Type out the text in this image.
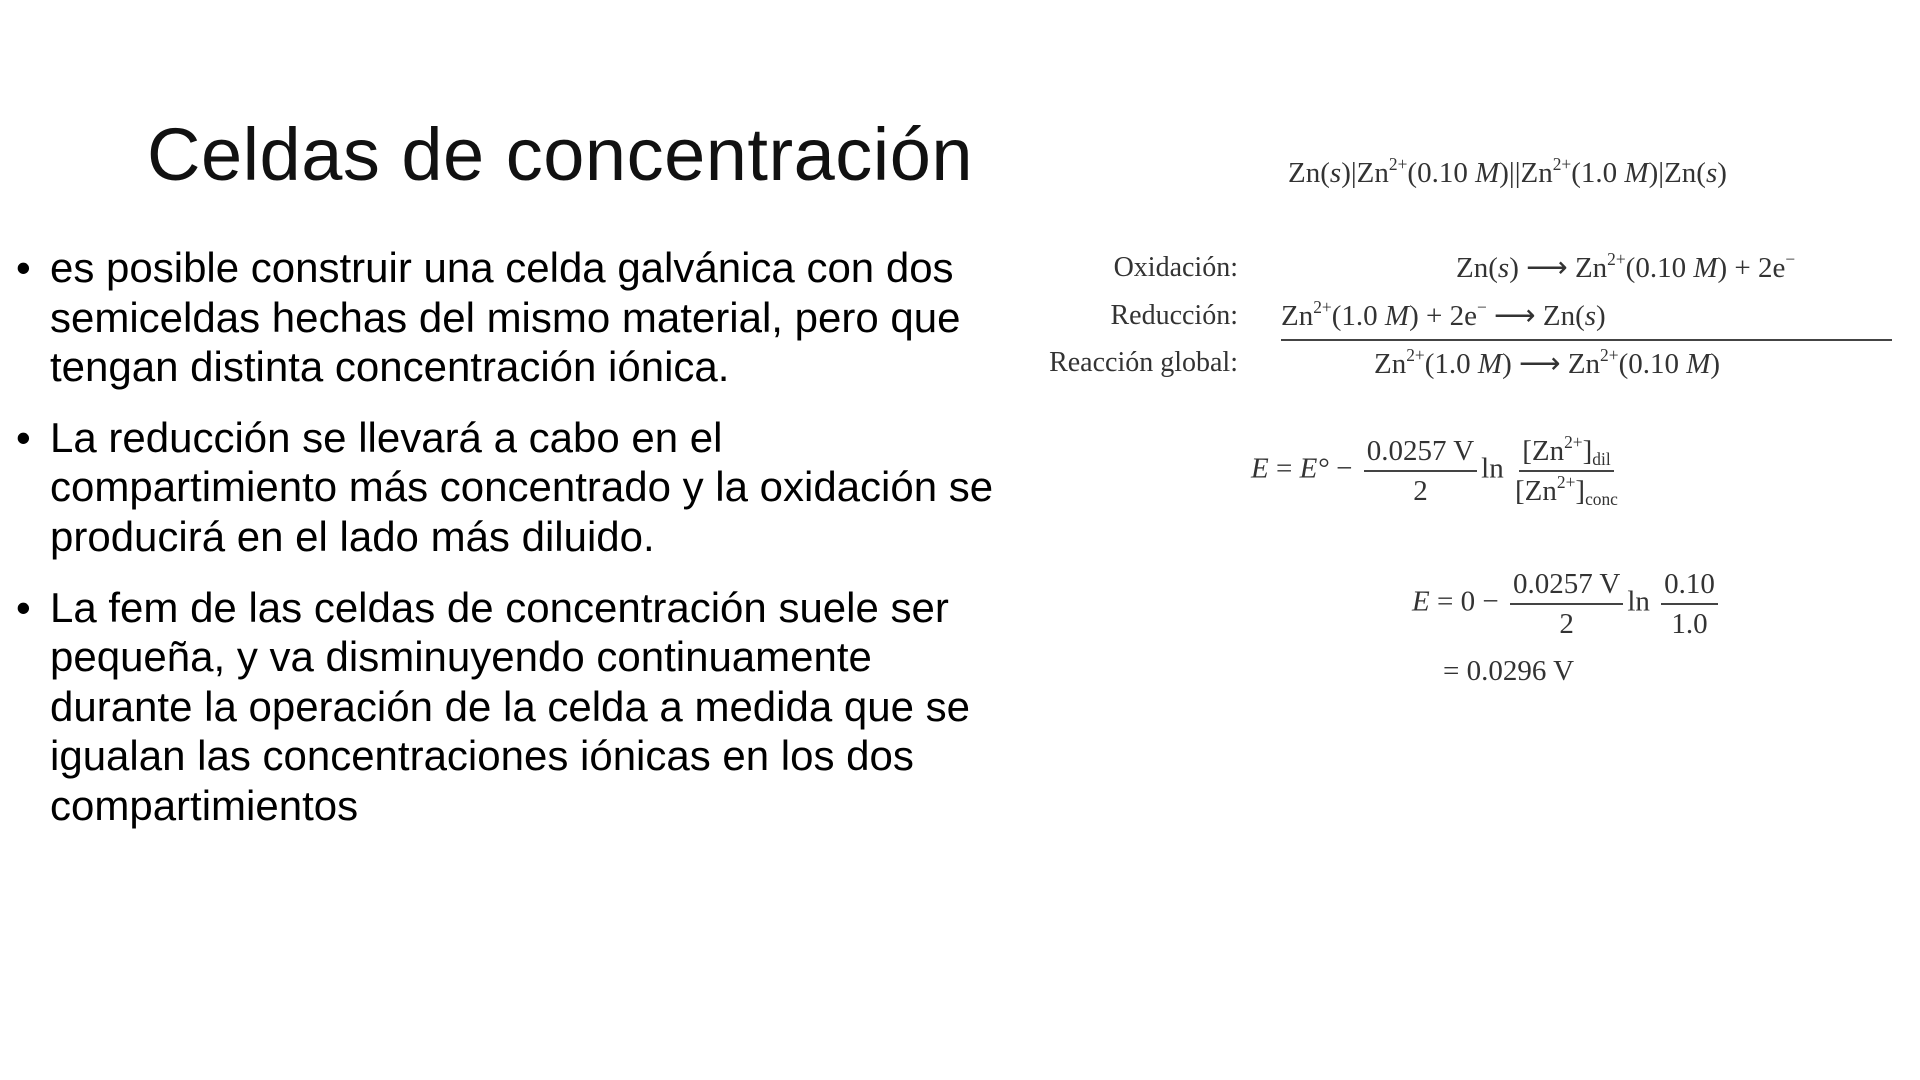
Celdas de concentración
• es posible construir una celda galvánica con dos semiceldas hechas del mismo material, pero que tengan distinta concentración iónica.
• La reducción se llevará a cabo en el compartimiento más concentrado y la oxidación se producirá en el lado más diluido.
• La fem de las celdas de concentración suele ser pequeña, y va disminuyendo continuamente durante la operación de la celda a medida que se igualan las concentraciones iónicas en los dos compartimientos
$Zn(s)|Zn^{2+}(0.10$ $M)||Zn^{2+}(1.0$ M)|Zn(s)
Oxidación:
Reducción:
Reacción global:
Zn(s) ⟶ $Zn^{2+}(0.10$ M) + 2e−
$Zn^{2+}(1.0$ M) + 2e− ⟶ Zn(s)
$Zn^{2+}(1.0$ M) ⟶ $Zn^{2+}(0.10$ M)
$E = E^\circ - \frac{0.0257 V}{2}$ $\ln \frac{[Zn^{2+}]_{dil}}{[Zn^{2+}]_{conc}}$
$E = 0 - \frac{0.0257 V}{2}$ $\ln \frac{0.10}{1.0}$
= 0.0296 V
